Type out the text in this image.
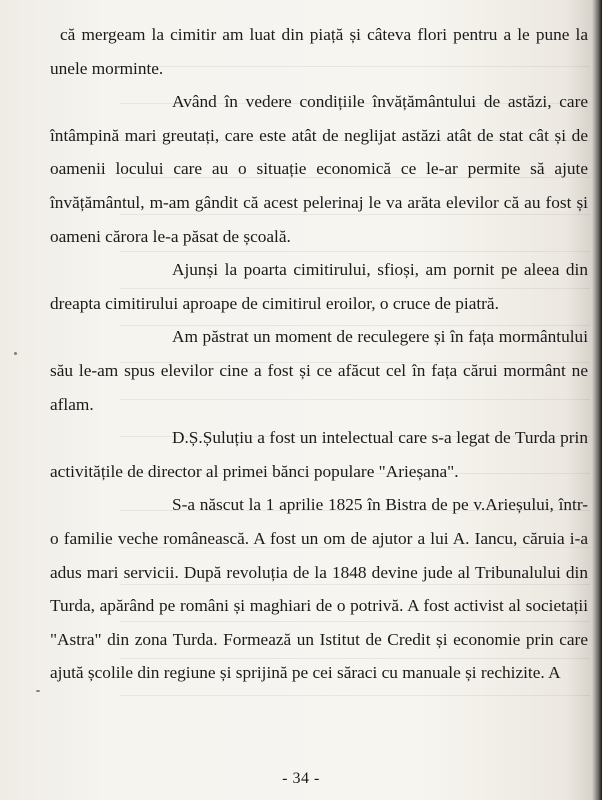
că mergeam la cimitir am luat din piață și câteva flori pentru a le pune la unele morminte.

Având în vedere condițiile învățământului de astăzi, care întâmpină mari greutați, care este atât de neglijat astăzi atât de stat cât și de oamenii locului care au o situație economică ce le-ar permite să ajute învățământul, m-am gândit că acest pelerinaj le va arăta elevilor că au fost și oameni cărora le-a păsat de școală.

Ajunși la poarta cimitirului, sfioși, am pornit pe aleea din dreapta cimitirului aproape de cimitirul eroilor, o cruce de piatră.

Am păstrat un moment de reculegere și în fața mormântului său le-am spus elevilor cine a fost și ce afăcut cel în fața cărui mormânt ne aflam.

D.Ș.Șuluțiu a fost un intelectual care s-a legat de Turda prin activitățile de director al primei bănci populare "Arieșana".

S-a născut la 1 aprilie 1825 în Bistra de pe v.Arieșului, într-o familie veche românească. A fost un om de ajutor a lui A. Iancu, căruia i-a adus mari servicii. După revoluția de la 1848 devine jude al Tribunalului din Turda, apărând pe români și maghiari de o potrivă. A fost activist al societații "Astra" din zona Turda. Formează un Istitut de Credit și economie prin care ajută școlile din regiune și sprijină pe cei săraci cu manuale și rechizite. A

- 34 -
